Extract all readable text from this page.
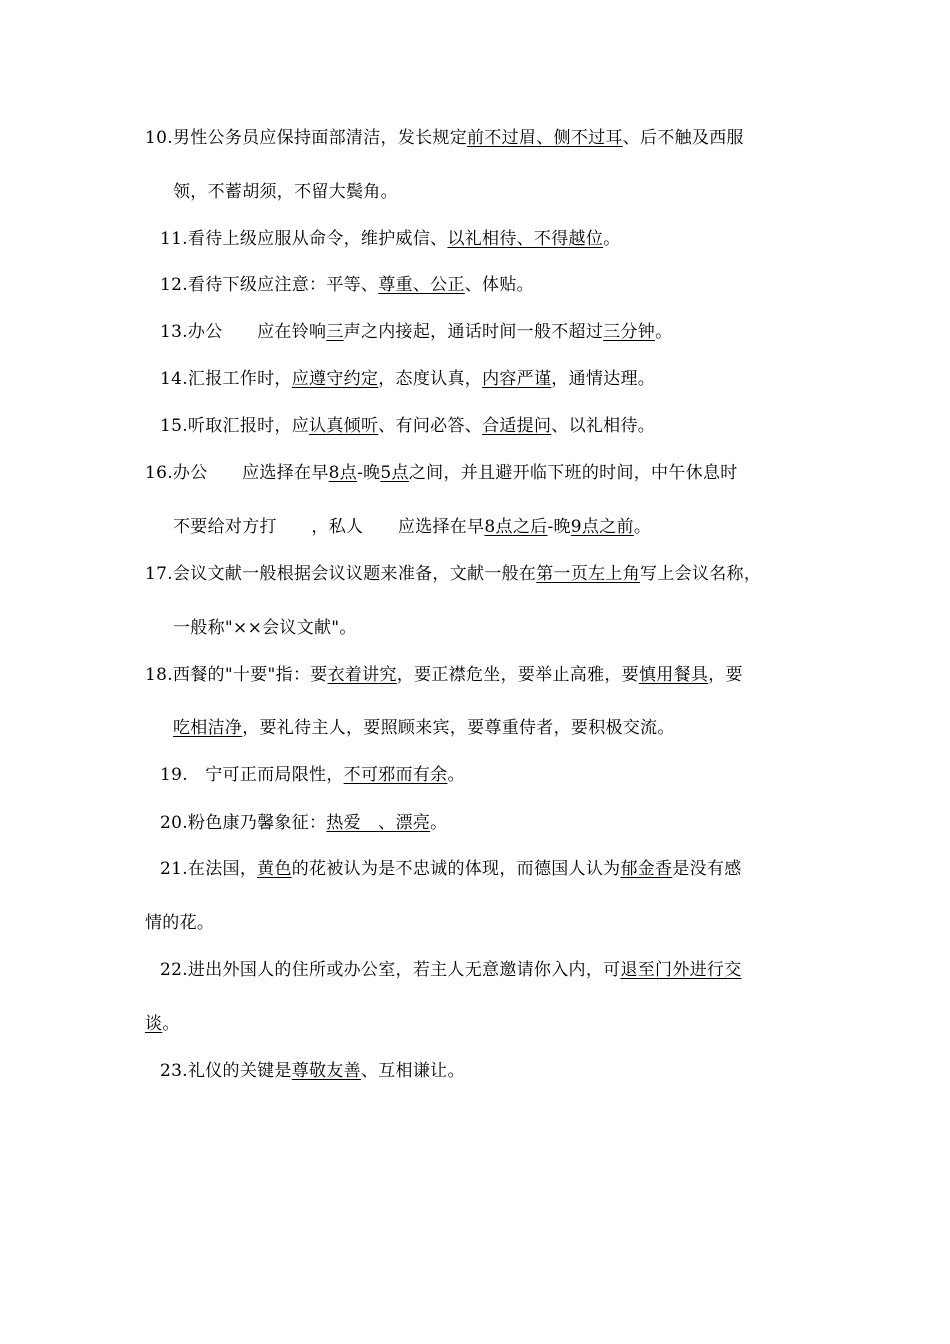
10.男性公务员应保持面部清洁，发长规定前不过眉、侧不过耳、后不触及西服
领，不蓄胡须，不留大鬓角。
11.看待上级应服从命令，维护威信、以礼相待、不得越位。
12.看待下级应注意：平等、尊重、公正、体贴。
13.办公　　应在铃响三声之内接起，通话时间一般不超过三分钟。
14.汇报工作时，应遵守约定，态度认真，内容严谨，通情达理。
15.听取汇报时，应认真倾听、有问必答、合适提问、以礼相待。
16.办公　　应选择在早8点-晚5点之间，并且避开临下班的时间，中午休息时
不要给对方打　　，私人　　应选择在早8点之后-晚9点之前。
17.会议文献一般根据会议议题来准备，文献一般在第一页左上角写上会议名称，
一般称"××会议文献"。
18.西餐的"十要"指：要衣着讲究，要正襟危坐，要举止高雅，要慎用餐具，要
吃相洁净，要礼待主人，要照顾来宾，要尊重侍者，要积极交流。
19.　宁可正而局限性，不可邪而有余。
20.粉色康乃馨象征：热爱　、漂亮。
21.在法国，黄色的花被认为是不忠诚的体现，而德国人认为郁金香是没有感
情的花。
22.进出外国人的住所或办公室，若主人无意邀请你入内，可退至门外进行交
谈。
23.礼仪的关键是尊敬友善、互相谦让。
